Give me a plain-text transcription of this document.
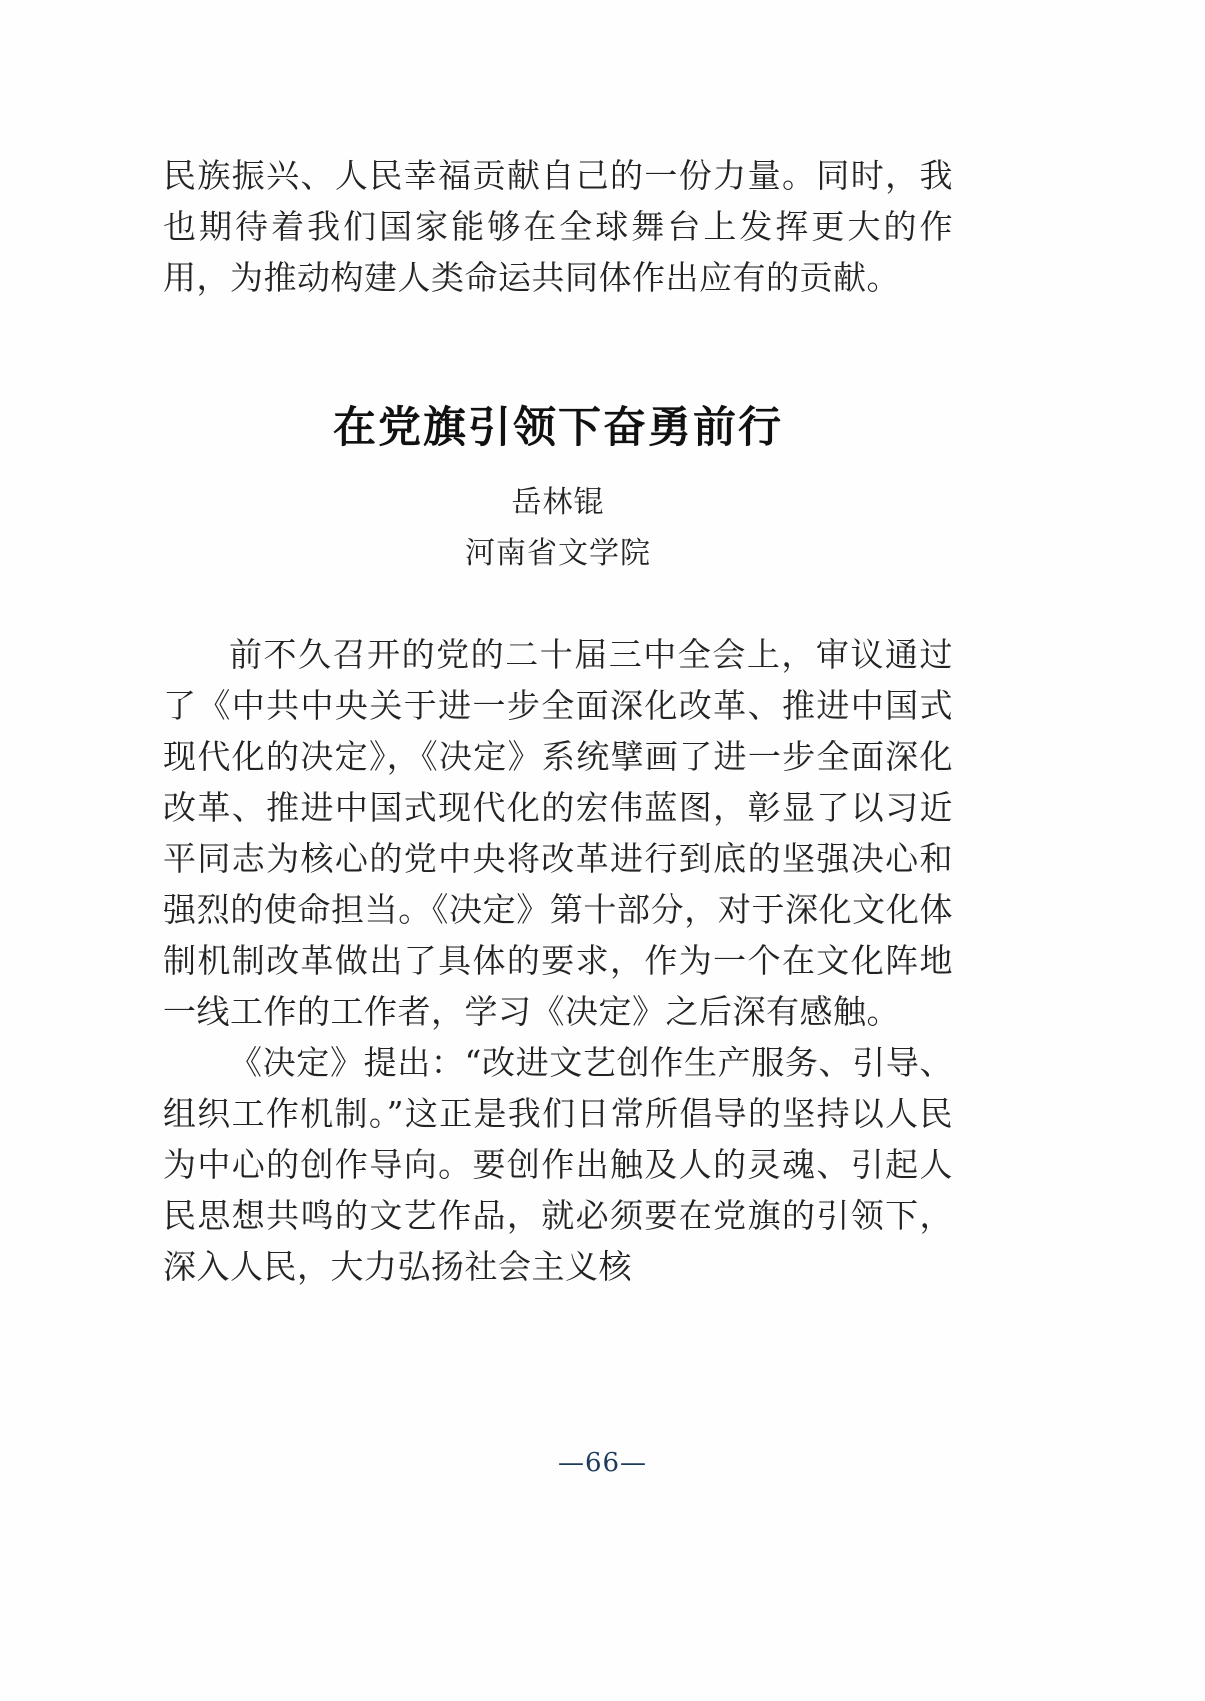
民族振兴、人民幸福贡献自己的一份力量。同时，我也期待着我们国家能够在全球舞台上发挥更大的作用，为推动构建人类命运共同体作出应有的贡献。

在党旗引领下奋勇前行
岳林锟
河南省文学院

前不久召开的党的二十届三中全会上，审议通过了《中共中央关于进一步全面深化改革、推进中国式现代化的决定》，《决定》系统擘画了进一步全面深化改革、推进中国式现代化的宏伟蓝图，彰显了以习近平同志为核心的党中央将改革进行到底的坚强决心和强烈的使命担当。《决定》第十部分，对于深化文化体制机制改革做出了具体的要求，作为一个在文化阵地一线工作的工作者，学习《决定》之后深有感触。

《决定》提出：“改进文艺创作生产服务、引导、组织工作机制。”这正是我们日常所倡导的坚持以人民为中心的创作导向。要创作出触及人的灵魂、引起人民思想共鸣的文艺作品，就必须要在党旗的引领下，深入人民，大力弘扬社会主义核

—66—
